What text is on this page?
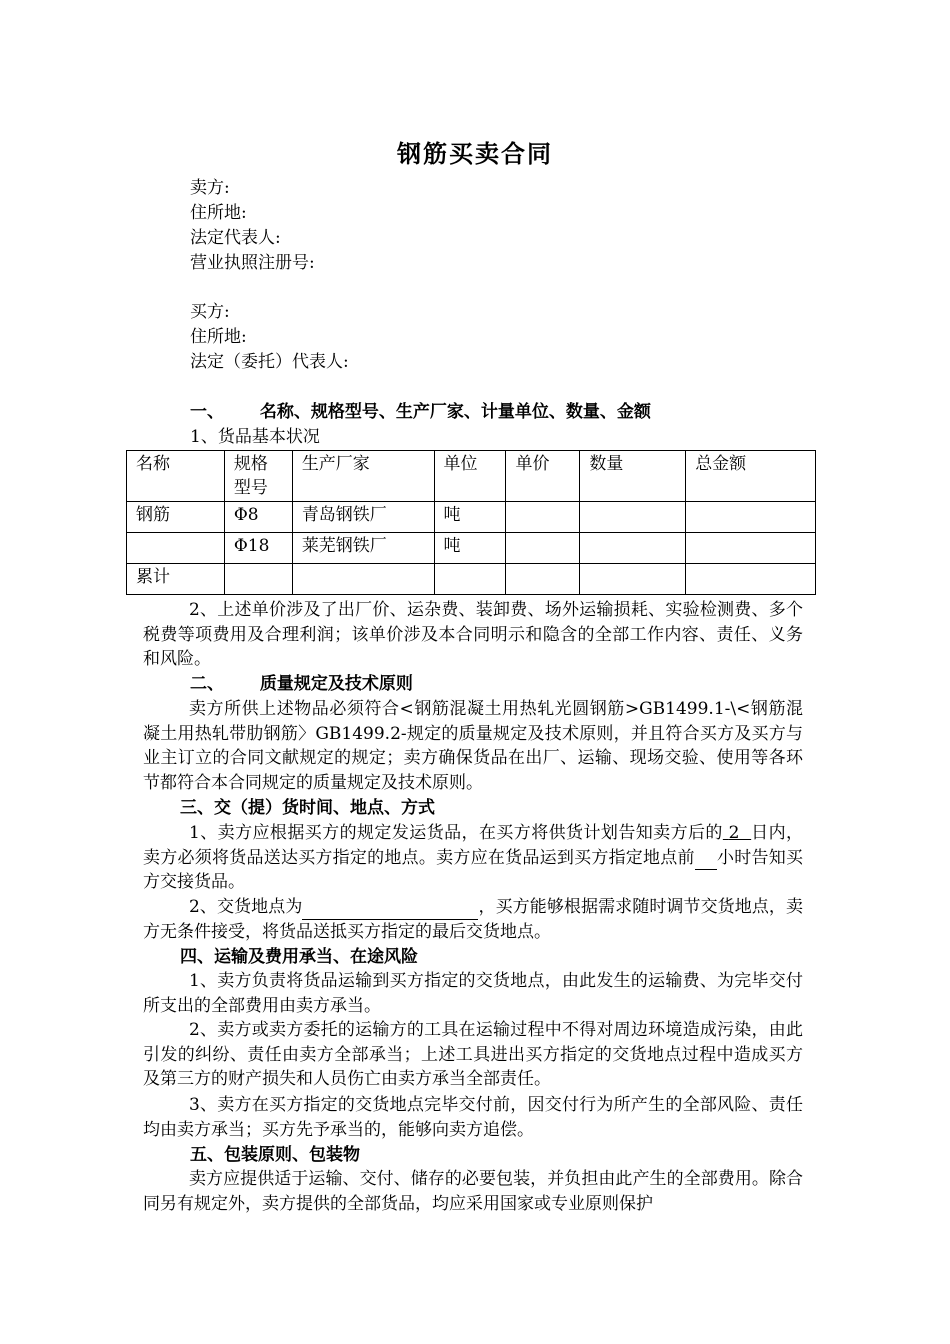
钢筋买卖合同
卖方:
住所地:
法定代表人:
营业执照注册号:
买方:
住所地:
法定（委托）代表人:
一、 名称、规格型号、生产厂家、计量单位、数量、金额
1、货品基本状况
名称	规格型号	生产厂家	单位	单价	数量	总金额
钢筋	Φ8	青岛钢铁厂	吨			
	Φ18	莱芜钢铁厂	吨			
累计						
2、上述单价涉及了出厂价、运杂费、装卸费、场外运输损耗、实验检测费、多个税费等项费用及合理利润；该单价涉及本合同明示和隐含的全部工作内容、责任、义务和风险。
二、 质量规定及技术原则
卖方所供上述物品必须符合<钢筋混凝土用热轧光圆钢筋>GB1499.1-\<钢筋混凝土用热轧带肋钢筋〉GB1499.2-规定的质量规定及技术原则，并且符合买方及买方与业主订立的合同文献规定的规定；卖方确保货品在出厂、运输、现场交验、使用等各环节都符合本合同规定的质量规定及技术原则。
三、交（提）货时间、地点、方式
1、卖方应根据买方的规定发运货品，在买方将供货计划告知卖方后的 2 日内，卖方必须将货品送达买方指定的地点。卖方应在货品运到买方指定地点前 小时告知买方交接货品。
2、交货地点为	，买方能够根据需求随时调节交货地点，卖方无条件接受，将货品送抵买方指定的最后交货地点。
四、运输及费用承当、在途风险
1、卖方负责将货品运输到买方指定的交货地点，由此发生的运输费、为完毕交付所支出的全部费用由卖方承当。
2、卖方或卖方委托的运输方的工具在运输过程中不得对周边环境造成污染，由此引发的纠纷、责任由卖方全部承当；上述工具进出买方指定的交货地点过程中造成买方及第三方的财产损失和人员伤亡由卖方承当全部责任。
3、卖方在买方指定的交货地点完毕交付前，因交付行为所产生的全部风险、责任均由卖方承当；买方先予承当的，能够向卖方追偿。
五、包装原则、包装物
卖方应提供适于运输、交付、储存的必要包装，并负担由此产生的全部费用。除合同另有规定外，卖方提供的全部货品，均应采用国家或专业原则保护
